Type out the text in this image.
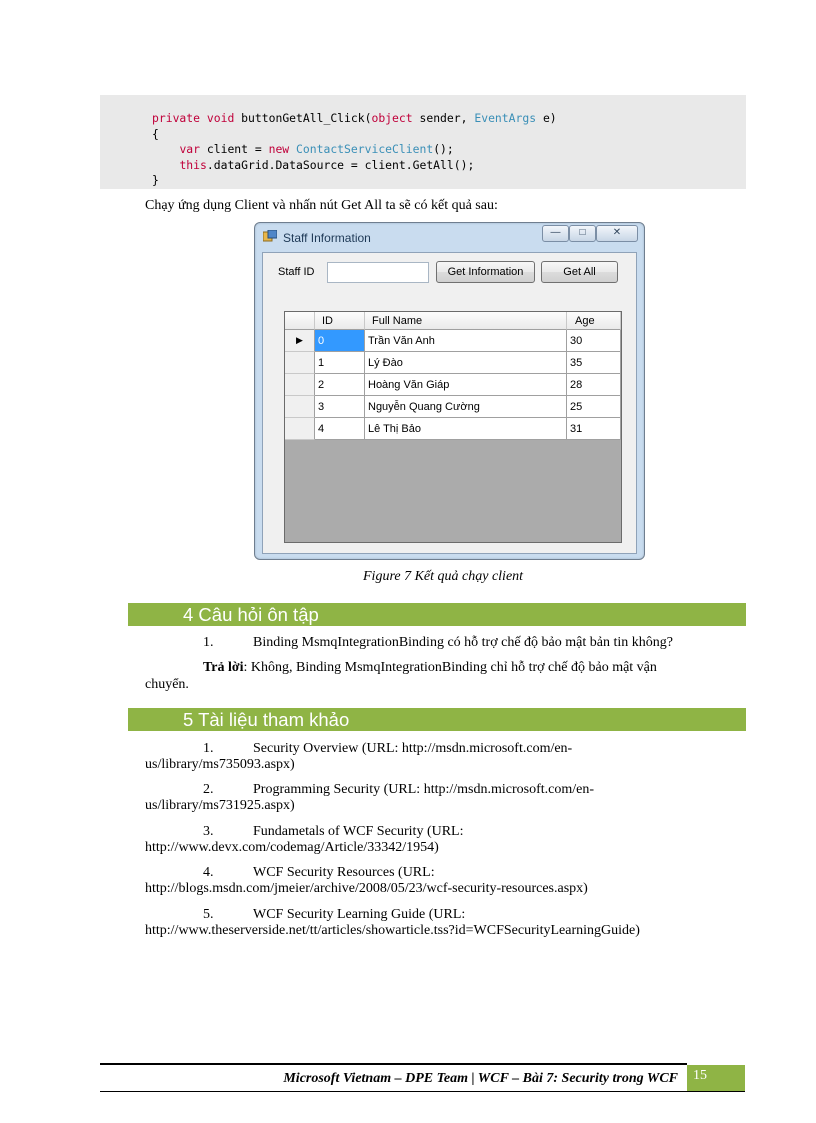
private void buttonGetAll_Click(object sender, EventArgs e)
{
var client = new ContactServiceClient();
this.dataGrid.DataSource = client.GetAll();
}
Chạy ứng dụng Client và nhấn nút Get All ta sẽ có kết quả sau:
Staff Information	—	□	✕
Staff ID	Get Information	Get All
ID	Full Name	Age
▶	0	Trần Văn Anh	30
1	Lý Đào	35
2	Hoàng Văn Giáp	28
3	Nguyễn Quang Cường	25
4	Lê Thị Bảo	31
Figure 7 Kết quả chạy client
4 Câu hỏi ôn tập
1.	Binding MsmqIntegrationBinding có hỗ trợ chế độ bảo mật bản tin không?
Trả lời: Không, Binding MsmqIntegrationBinding chỉ hỗ trợ chế độ bảo mật vận
chuyển.
5 Tài liệu tham khảo
1.	Security Overview (URL: http://msdn.microsoft.com/en-
us/library/ms735093.aspx)
2.	Programming Security (URL: http://msdn.microsoft.com/en-
us/library/ms731925.aspx)
3.	Fundametals of WCF Security (URL:
http://www.devx.com/codemag/Article/33342/1954)
4.	WCF Security Resources (URL:
http://blogs.msdn.com/jmeier/archive/2008/05/23/wcf-security-resources.aspx)
5.	WCF Security Learning Guide (URL:
http://www.theserverside.net/tt/articles/showarticle.tss?id=WCFSecurityLearningGuide)
Microsoft Vietnam – DPE Team | WCF – Bài 7: Security trong WCF 15
